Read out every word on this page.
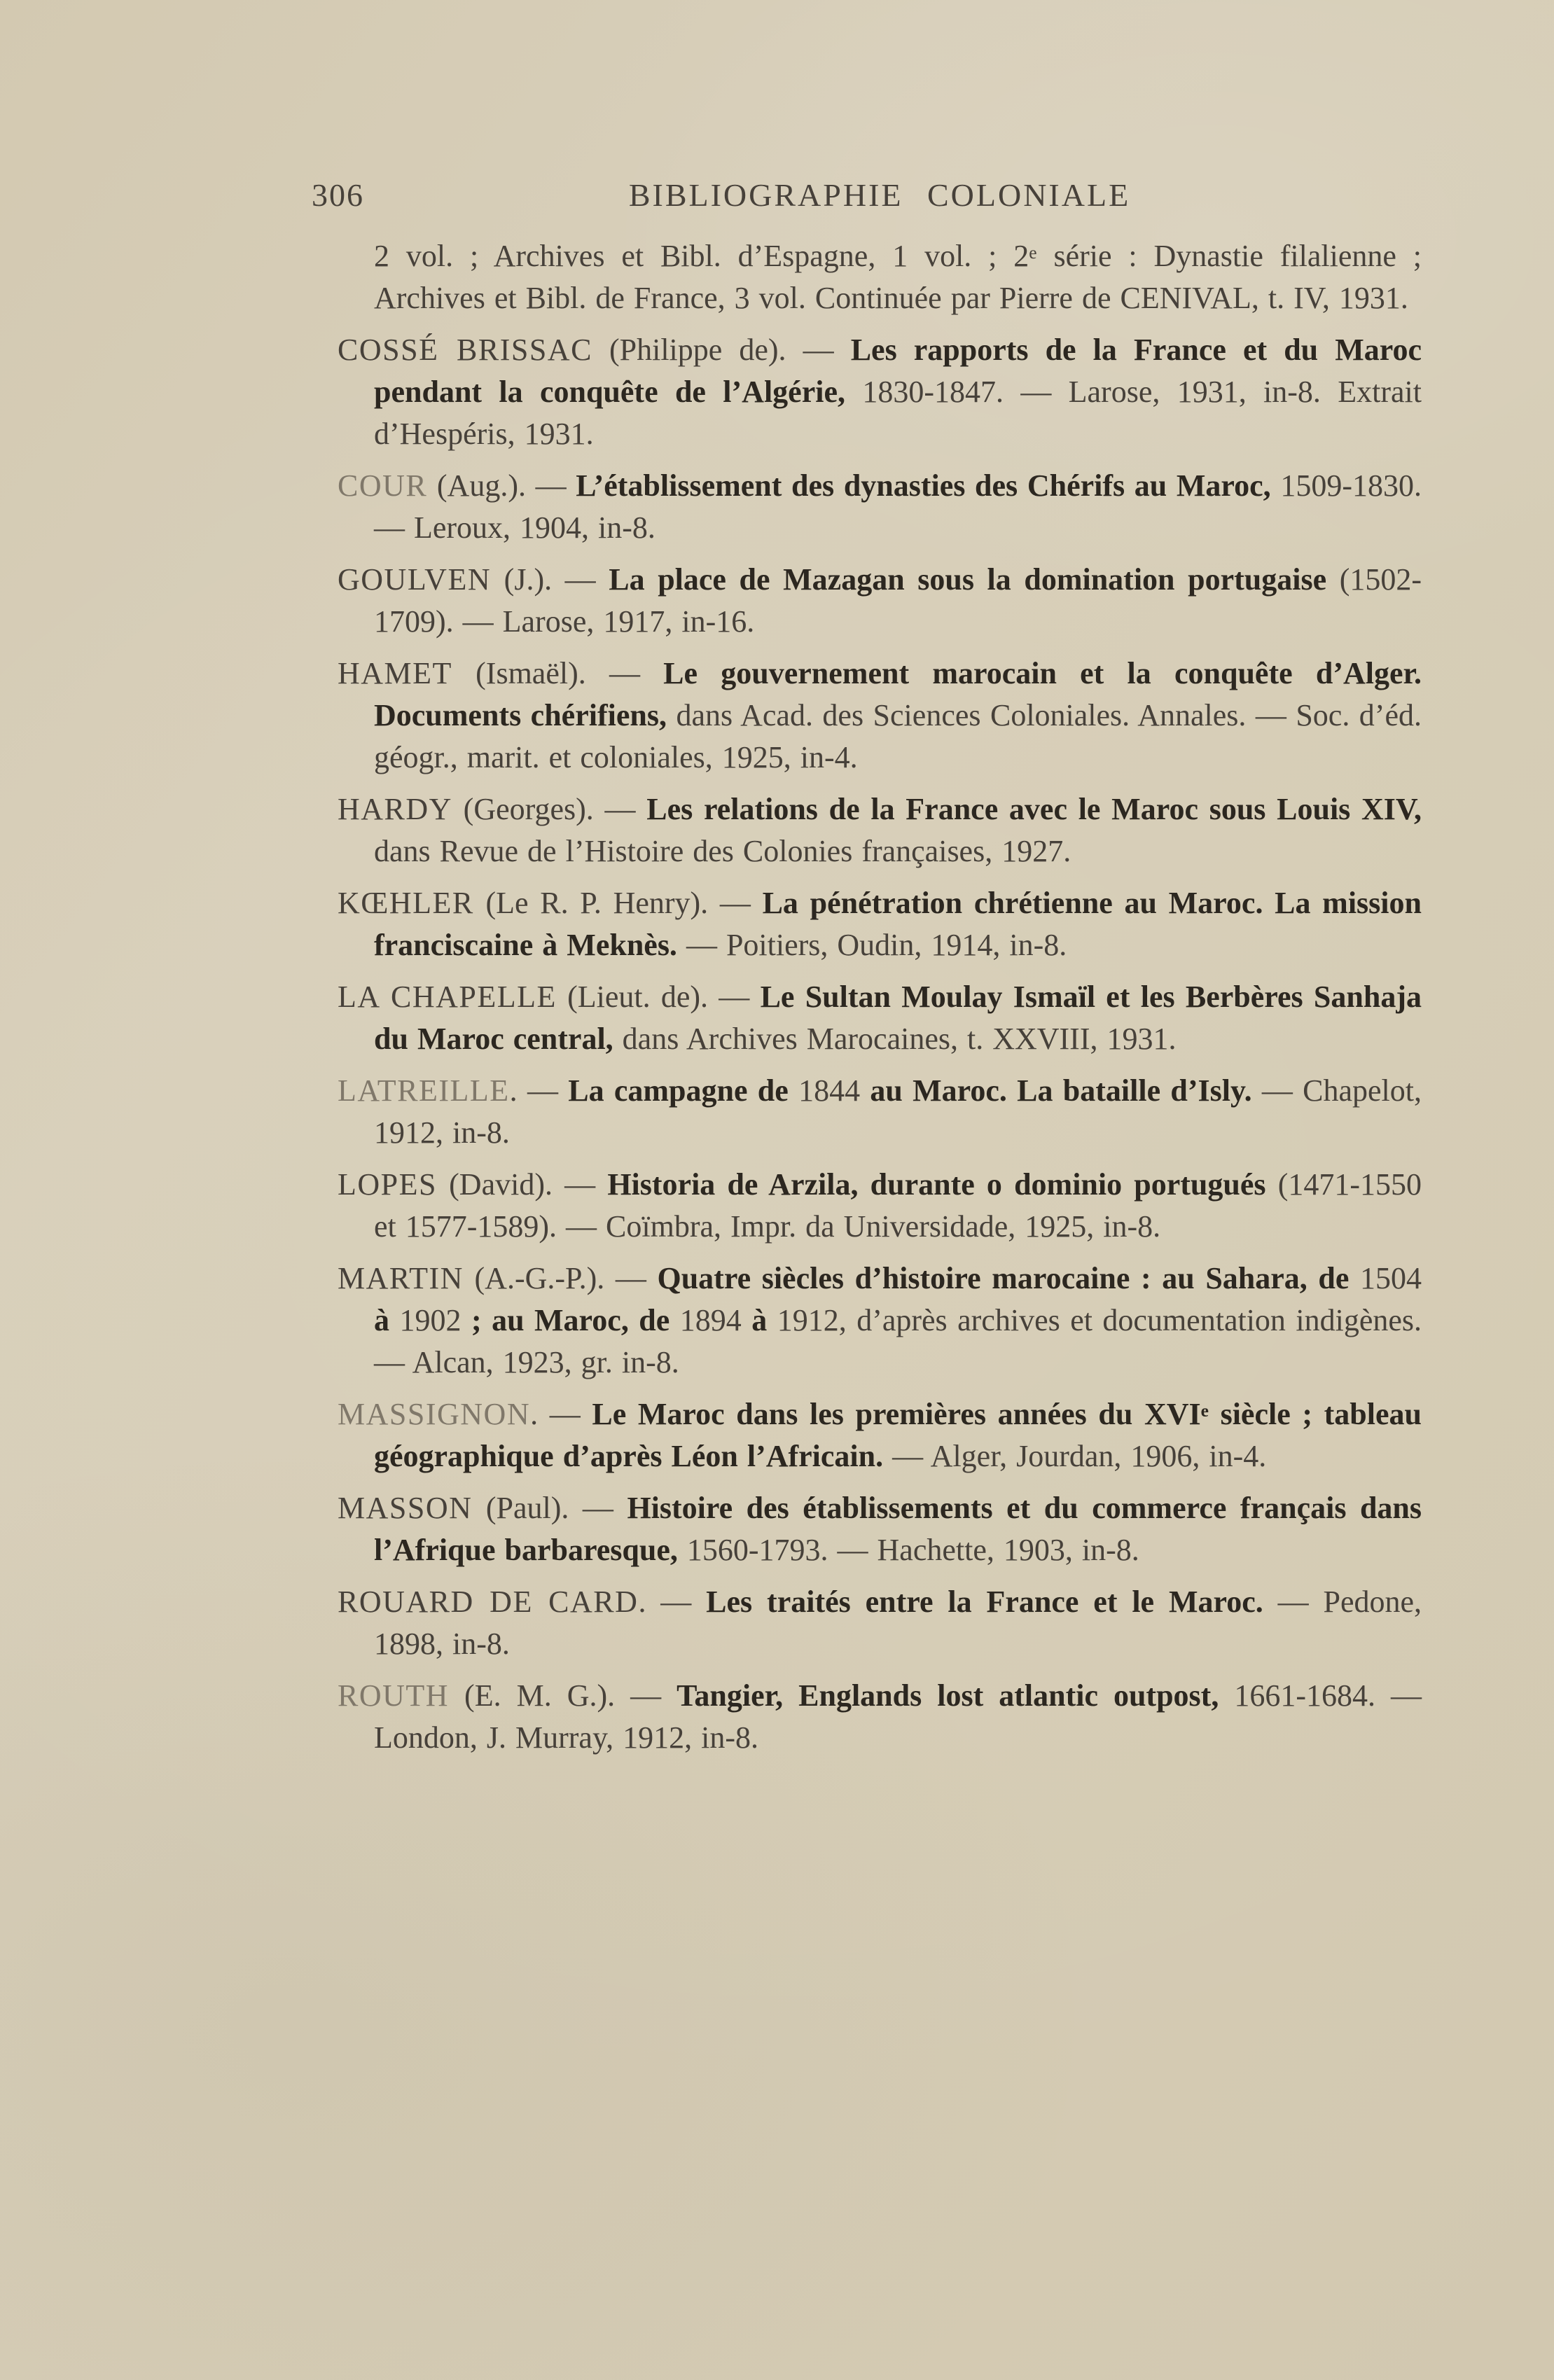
306	BIBLIOGRAPHIE COLONIALE

2 vol. ; Archives et Bibl. d’Espagne, 1 vol. ; 2e série : Dynastie filalienne ; Archives et Bibl. de France, 3 vol. Continuée par Pierre de CENIVAL, t. IV, 1931.

COSSÉ BRISSAC (Philippe de). — Les rapports de la France et du Maroc pendant la conquête de l’Algérie, 1830-1847. — Larose, 1931, in-8. Extrait d’Hespéris, 1931.

COUR (Aug.). — L’établissement des dynasties des Chérifs au Maroc, 1509-1830. — Leroux, 1904, in-8.

GOULVEN (J.). — La place de Mazagan sous la domination portugaise (1502-1709). — Larose, 1917, in-16.

HAMET (Ismaël). — Le gouvernement marocain et la conquête d’Alger. Documents chérifiens, dans Acad. des Sciences Coloniales. Annales. — Soc. d’éd. géogr., marit. et coloniales, 1925, in-4.

HARDY (Georges). — Les relations de la France avec le Maroc sous Louis XIV, dans Revue de l’Histoire des Colonies françaises, 1927.

KŒHLER (Le R. P. Henry). — La pénétration chrétienne au Maroc. La mission franciscaine à Meknès. — Poitiers, Oudin, 1914, in-8.

LA CHAPELLE (Lieut. de). — Le Sultan Moulay Ismaïl et les Berbères Sanhaja du Maroc central, dans Archives Marocaines, t. XXVIII, 1931.

LATREILLE. — La campagne de 1844 au Maroc. La bataille d’Isly. — Chapelot, 1912, in-8.

LOPES (David). — Historia de Arzila, durante o dominio portugués (1471-1550 et 1577-1589). — Coïmbra, Impr. da Universidade, 1925, in-8.

MARTIN (A.-G.-P.). — Quatre siècles d’histoire marocaine : au Sahara, de 1504 à 1902 ; au Maroc, de 1894 à 1912, d’après archives et documentation indigènes. — Alcan, 1923, gr. in-8.

MASSIGNON. — Le Maroc dans les premières années du XVIe siècle ; tableau géographique d’après Léon l’Africain. — Alger, Jourdan, 1906, in-4.

MASSON (Paul). — Histoire des établissements et du commerce français dans l’Afrique barbaresque, 1560-1793. — Hachette, 1903, in-8.

ROUARD DE CARD. — Les traités entre la France et le Maroc. — Pedone, 1898, in-8.

ROUTH (E. M. G.). — Tangier, Englands lost atlantic outpost, 1661-1684. — London, J. Murray, 1912, in-8.
